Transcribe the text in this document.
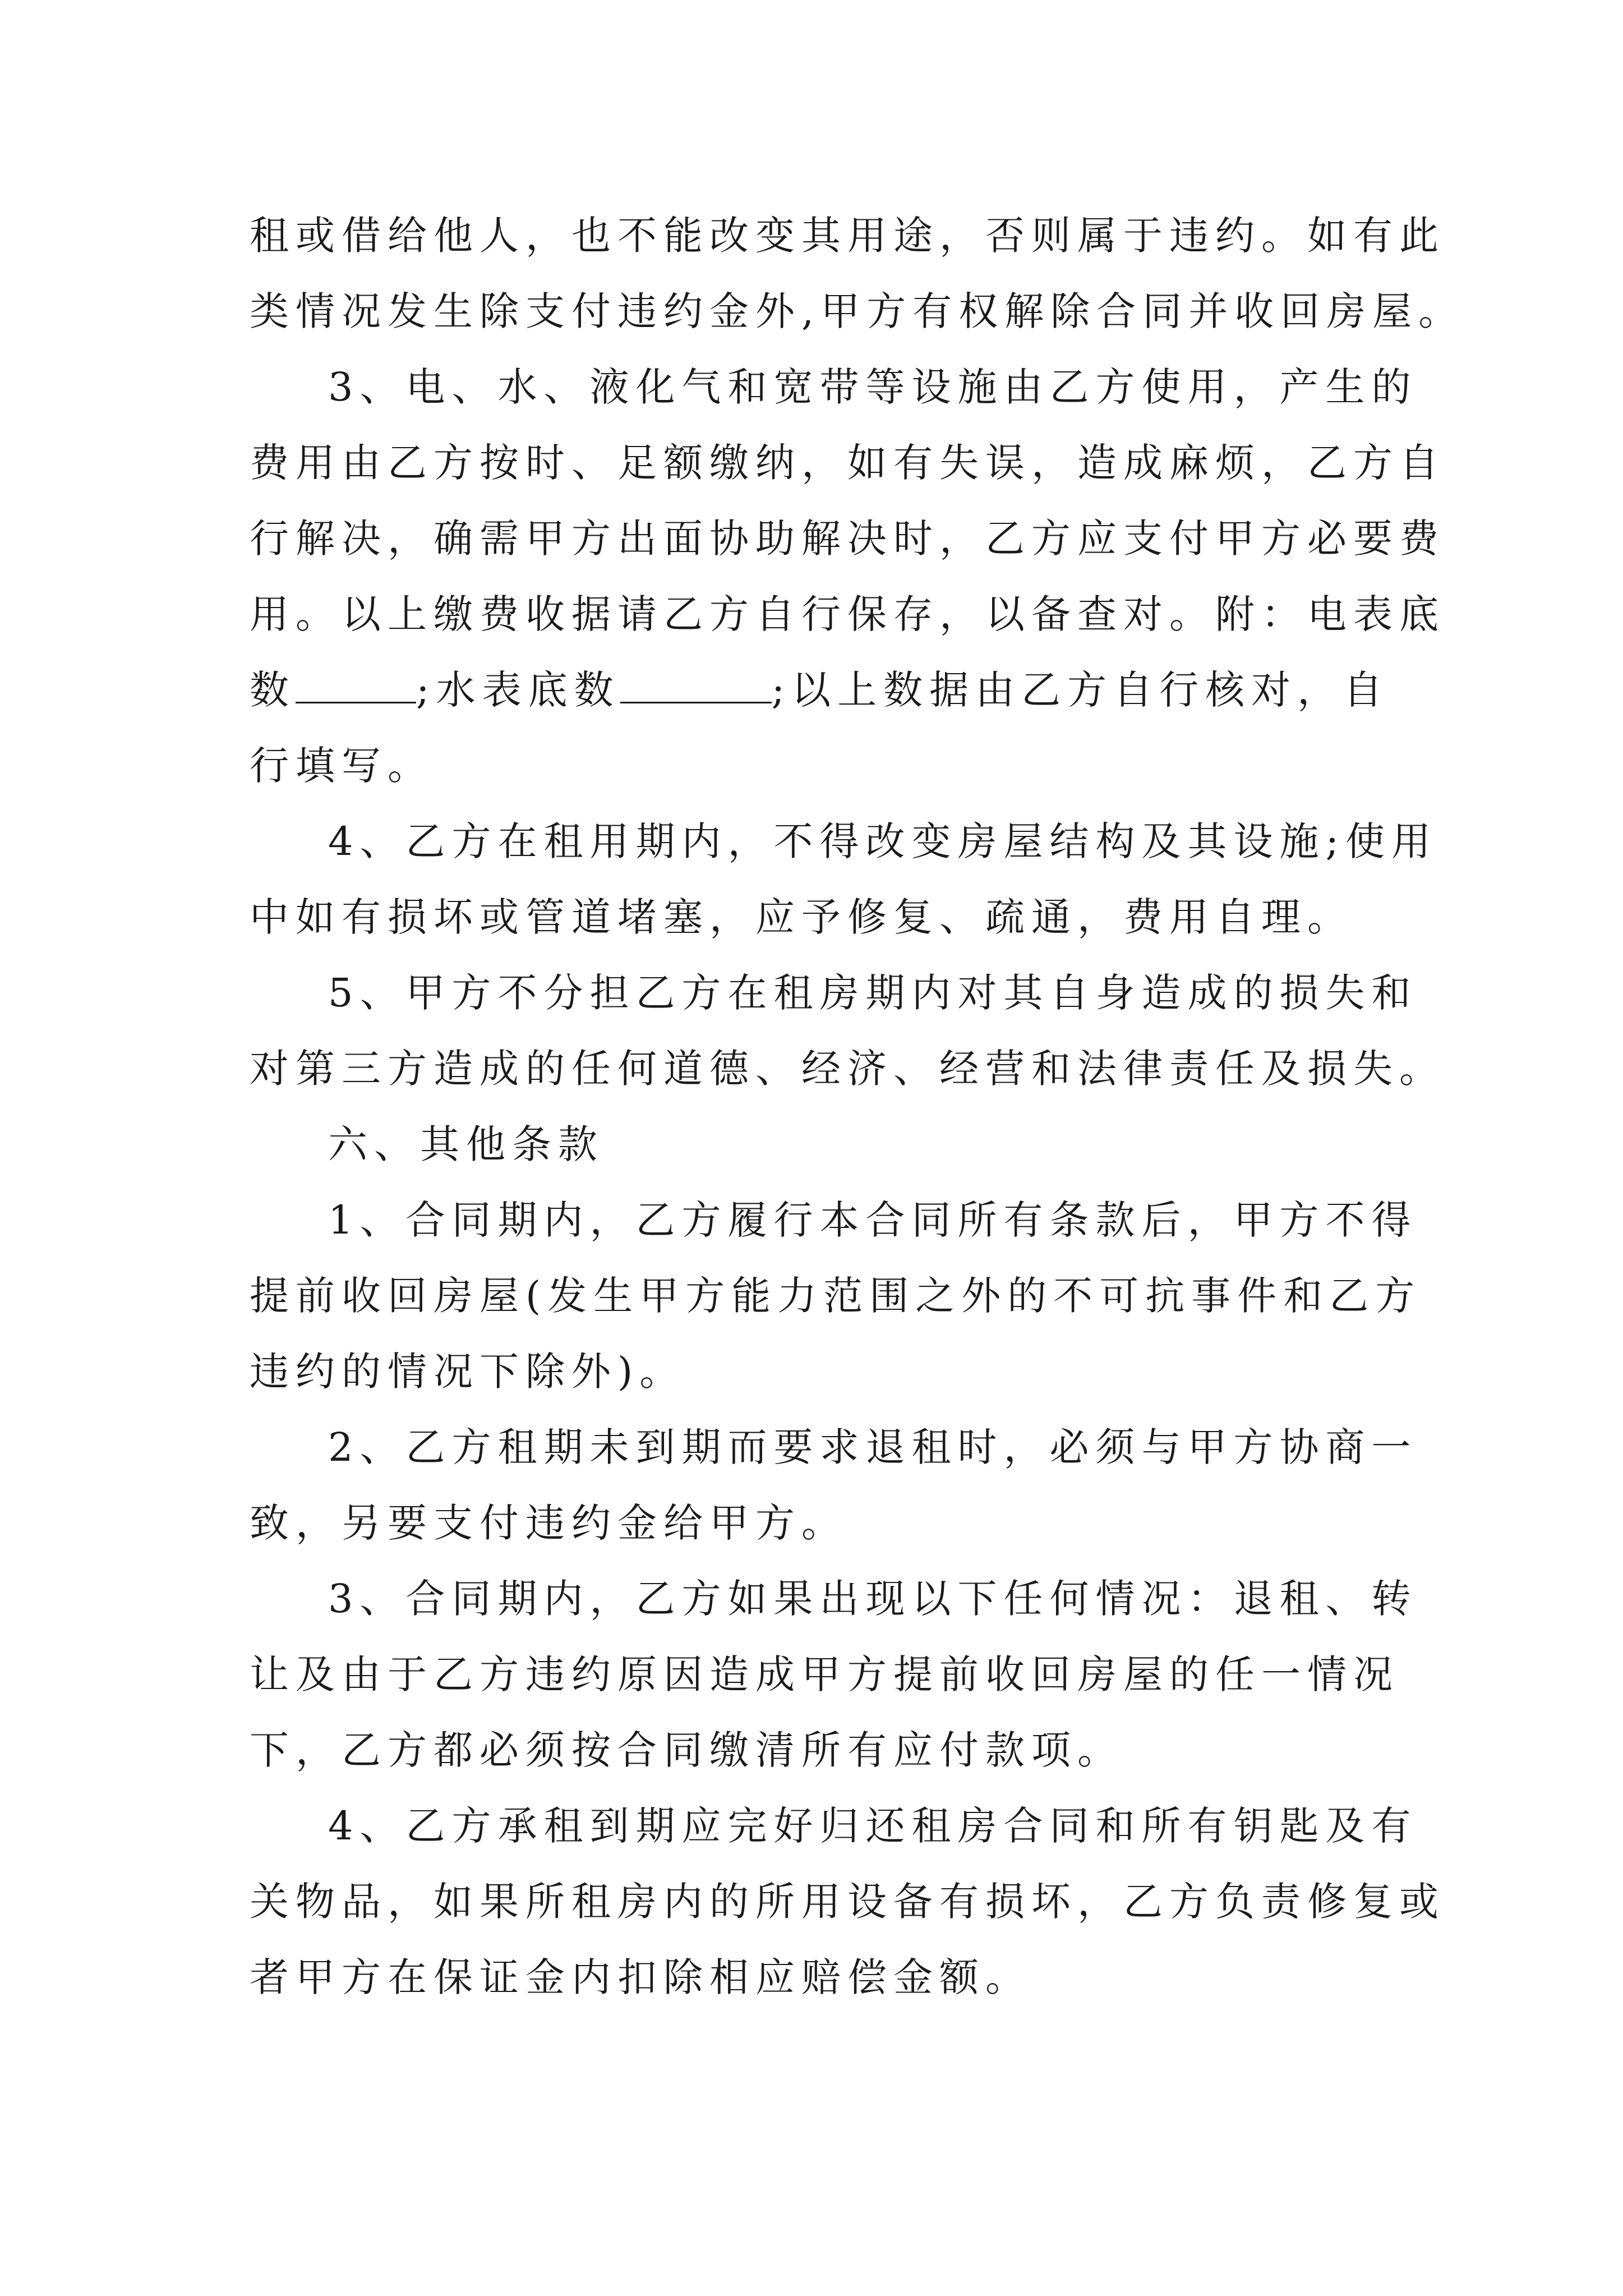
租或借给他人，也不能改变其用途，否则属于违约。如有此
类情况发生除支付违约金外,甲方有权解除合同并收回房屋。
3、电、水、液化气和宽带等设施由乙方使用，产生的
费用由乙方按时、足额缴纳，如有失误，造成麻烦，乙方自
行解决，确需甲方出面协助解决时，乙方应支付甲方必要费
用。以上缴费收据请乙方自行保存，以备查对。附：电表底
数	;水表底数	;以上数据由乙方自行核对，自
行填写。
4、乙方在租用期内，不得改变房屋结构及其设施;使用
中如有损坏或管道堵塞，应予修复、疏通，费用自理。
5、甲方不分担乙方在租房期内对其自身造成的损失和
对第三方造成的任何道德、经济、经营和法律责任及损失。
六、其他条款
1、合同期内，乙方履行本合同所有条款后，甲方不得
提前收回房屋(发生甲方能力范围之外的不可抗事件和乙方
违约的情况下除外)。
2、乙方租期未到期而要求退租时，必须与甲方协商一
致，另要支付违约金给甲方。
3、合同期内，乙方如果出现以下任何情况：退租、转
让及由于乙方违约原因造成甲方提前收回房屋的任一情况
下，乙方都必须按合同缴清所有应付款项。
4、乙方承租到期应完好归还租房合同和所有钥匙及有
关物品，如果所租房内的所用设备有损坏，乙方负责修复或
者甲方在保证金内扣除相应赔偿金额。
